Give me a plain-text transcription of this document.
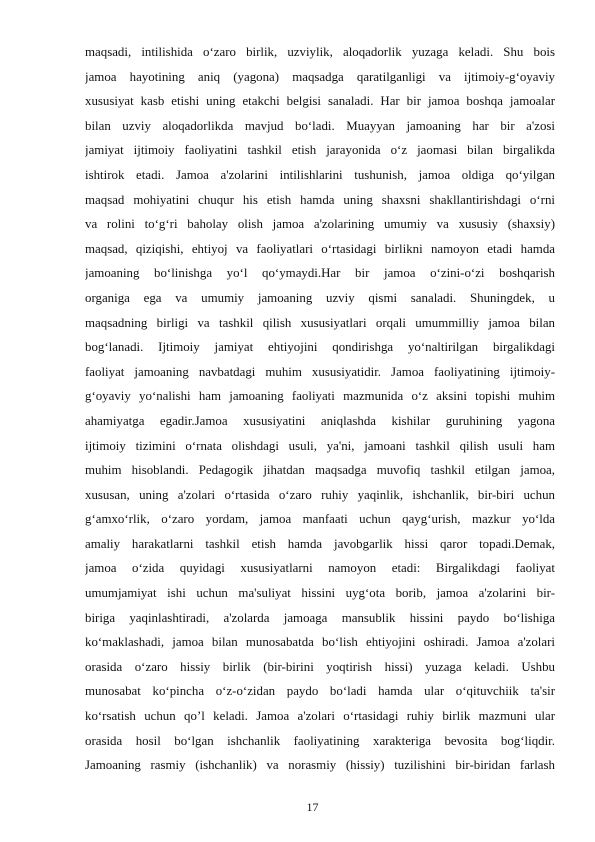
maqsadi, intilishida o‘zaro birlik, uzviylik, aloqadorlik yuzaga keladi. Shu bois
jamoa hayotining aniq (yagona) maqsadga qaratilganligi va ijtimoiy-g‘oyaviy
xususiyat kasb etishi uning etakchi belgisi sanaladi. Har bir jamoa boshqa jamoalar
bilan uzviy aloqadorlikda mavjud bo‘ladi. Muayyan jamoaning har bir a'zosi
jamiyat ijtimoiy faoliyatini tashkil etish jarayonida o‘z jaomasi bilan birgalikda
ishtirok etadi. Jamoa a'zolarini intilishlarini tushunish, jamoa oldiga qo‘yilgan
maqsad mohiyatini chuqur his etish hamda uning shaxsni shakllantirishdagi o‘rni
va rolini to‘g‘ri baholay olish jamoa a'zolarining umumiy va xususiy (shaxsiy)
maqsad, qiziqishi, ehtiyoj va faoliyatlari o‘rtasidagi birlikni namoyon etadi hamda
jamoaning bo‘linishga yo‘l qo‘ymaydi.Har bir jamoa o‘zini-o‘zi boshqarish
organiga ega va umumiy jamoaning uzviy qismi sanaladi. Shuningdek, u
maqsadning birligi va tashkil qilish xususiyatlari orqali umummilliy jamoa bilan
bog‘lanadi. Ijtimoiy jamiyat ehtiyojini qondirishga yo‘naltirilgan birgalikdagi
faoliyat jamoaning navbatdagi muhim xususiyatidir. Jamoa faoliyatining ijtimoiy-
g‘oyaviy yo‘nalishi ham jamoaning faoliyati mazmunida o‘z aksini topishi muhim
ahamiyatga egadir.Jamoa xususiyatini aniqlashda kishilar guruhining yagona
ijtimoiy tizimini o‘rnata olishdagi usuli, ya'ni, jamoani tashkil qilish usuli ham
muhim hisoblandi. Pedagogik jihatdan maqsadga muvofiq tashkil etilgan jamoa,
xususan, uning a'zolari o‘rtasida o‘zaro ruhiy yaqinlik, ishchanlik, bir-biri uchun
g‘amxo‘rlik, o‘zaro yordam, jamoa manfaati uchun qayg‘urish, mazkur yo‘lda
amaliy harakatlarni tashkil etish hamda javobgarlik hissi qaror topadi.Demak,
jamoa o‘zida quyidagi xususiyatlarni namoyon etadi: Birgalikdagi faoliyat
umumjamiyat ishi uchun ma'suliyat hissini uyg‘ota borib, jamoa a'zolarini bir-
biriga yaqinlashtiradi, a'zolarda jamoaga mansublik hissini paydo bo‘lishiga
ko‘maklashadi, jamoa bilan munosabatda bo‘lish ehtiyojini oshiradi. Jamoa a'zolari
orasida o‘zaro hissiy birlik (bir-birini yoqtirish hissi) yuzaga keladi. Ushbu
munosabat ko‘pincha o‘z-o‘zidan paydo bo‘ladi hamda ular o‘qituvchiik ta'sir
ko‘rsatish uchun qo’l keladi. Jamoa a'zolari o‘rtasidagi ruhiy birlik mazmuni ular
orasida hosil bo‘lgan ishchanlik faoliyatining xarakteriga bevosita bog‘liqdir.
Jamoaning rasmiy (ishchanlik) va norasmiy (hissiy) tuzilishini bir-biridan farlash
17
